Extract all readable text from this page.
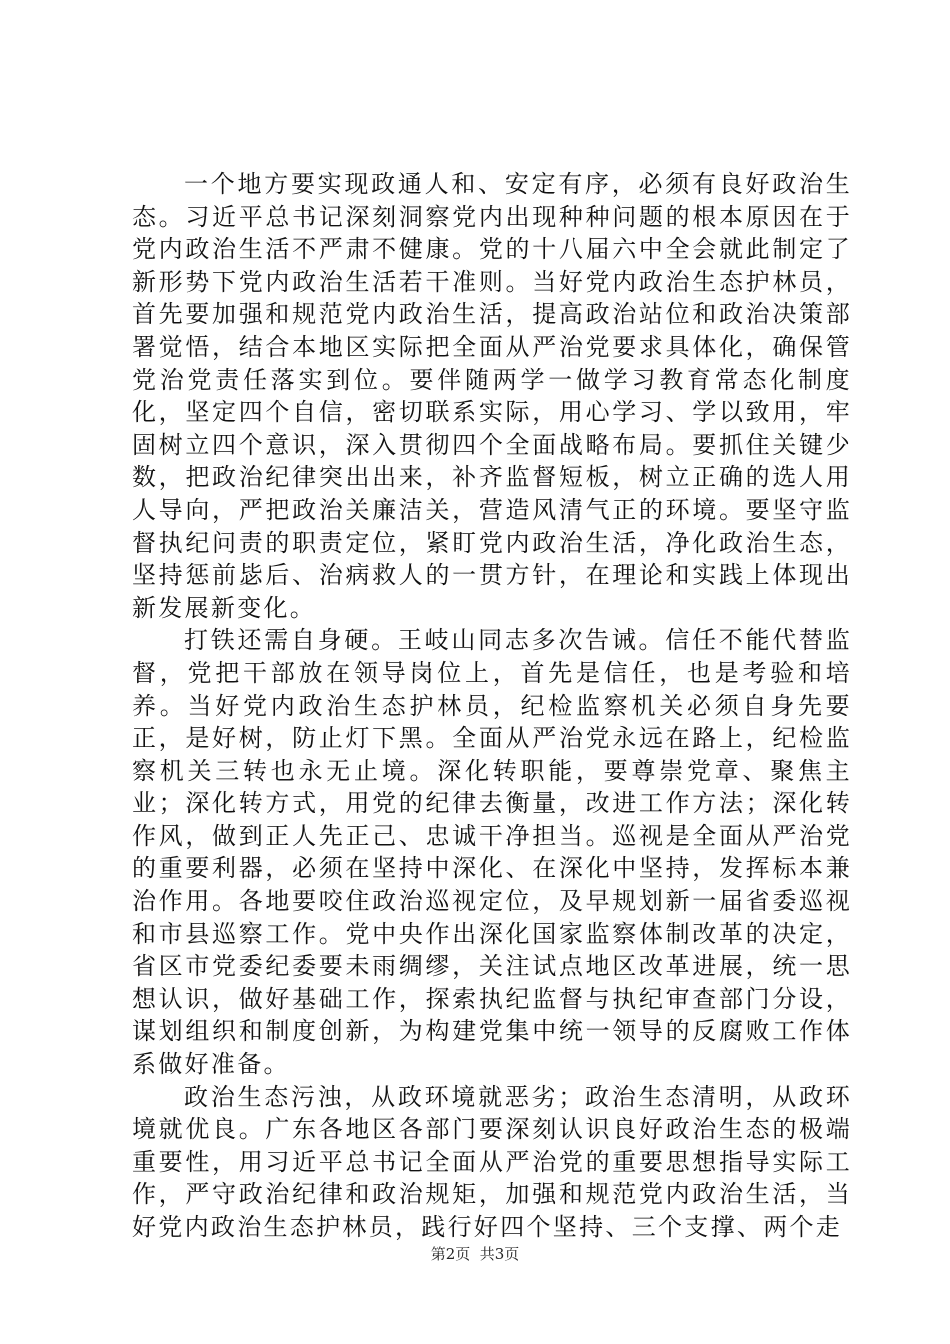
一个地方要实现政通人和、安定有序，必须有良好政治生态。习近平总书记深刻洞察党内出现种种问题的根本原因在于党内政治生活不严肃不健康。党的十八届六中全会就此制定了新形势下党内政治生活若干准则。当好党内政治生态护林员，首先要加强和规范党内政治生活，提高政治站位和政治决策部署觉悟，结合本地区实际把全面从严治党要求具体化，确保管党治党责任落实到位。要伴随两学一做学习教育常态化制度化，坚定四个自信，密切联系实际，用心学习、学以致用，牢固树立四个意识，深入贯彻四个全面战略布局。要抓住关键少数，把政治纪律突出出来，补齐监督短板，树立正确的选人用人导向，严把政治关廉洁关，营造风清气正的环境。要坚守监督执纪问责的职责定位，紧盯党内政治生活，净化政治生态，坚持惩前毖后、治病救人的一贯方针，在理论和实践上体现出新发展新变化。

打铁还需自身硬。王岐山同志多次告诫。信任不能代替监督，党把干部放在领导岗位上，首先是信任，也是考验和培养。当好党内政治生态护林员，纪检监察机关必须自身先要正，是好树，防止灯下黑。全面从严治党永远在路上，纪检监察机关三转也永无止境。深化转职能，要尊崇党章、聚焦主业；深化转方式，用党的纪律去衡量，改进工作方法；深化转作风，做到正人先正己、忠诚干净担当。巡视是全面从严治党的重要利器，必须在坚持中深化、在深化中坚持，发挥标本兼治作用。各地要咬住政治巡视定位，及早规划新一届省委巡视和市县巡察工作。党中央作出深化国家监察体制改革的决定，省区市党委纪委要未雨绸缪，关注试点地区改革进展，统一思想认识，做好基础工作，探索执纪监督与执纪审查部门分设，谋划组织和制度创新，为构建党集中统一领导的反腐败工作体系做好准备。

政治生态污浊，从政环境就恶劣；政治生态清明，从政环境就优良。广东各地区各部门要深刻认识良好政治生态的极端重要性，用习近平总书记全面从严治党的重要思想指导实际工作，严守政治纪律和政治规矩，加强和规范党内政治生活，当好党内政治生态护林员，践行好四个坚持、三个支撑、两个走

第2页  共3页
